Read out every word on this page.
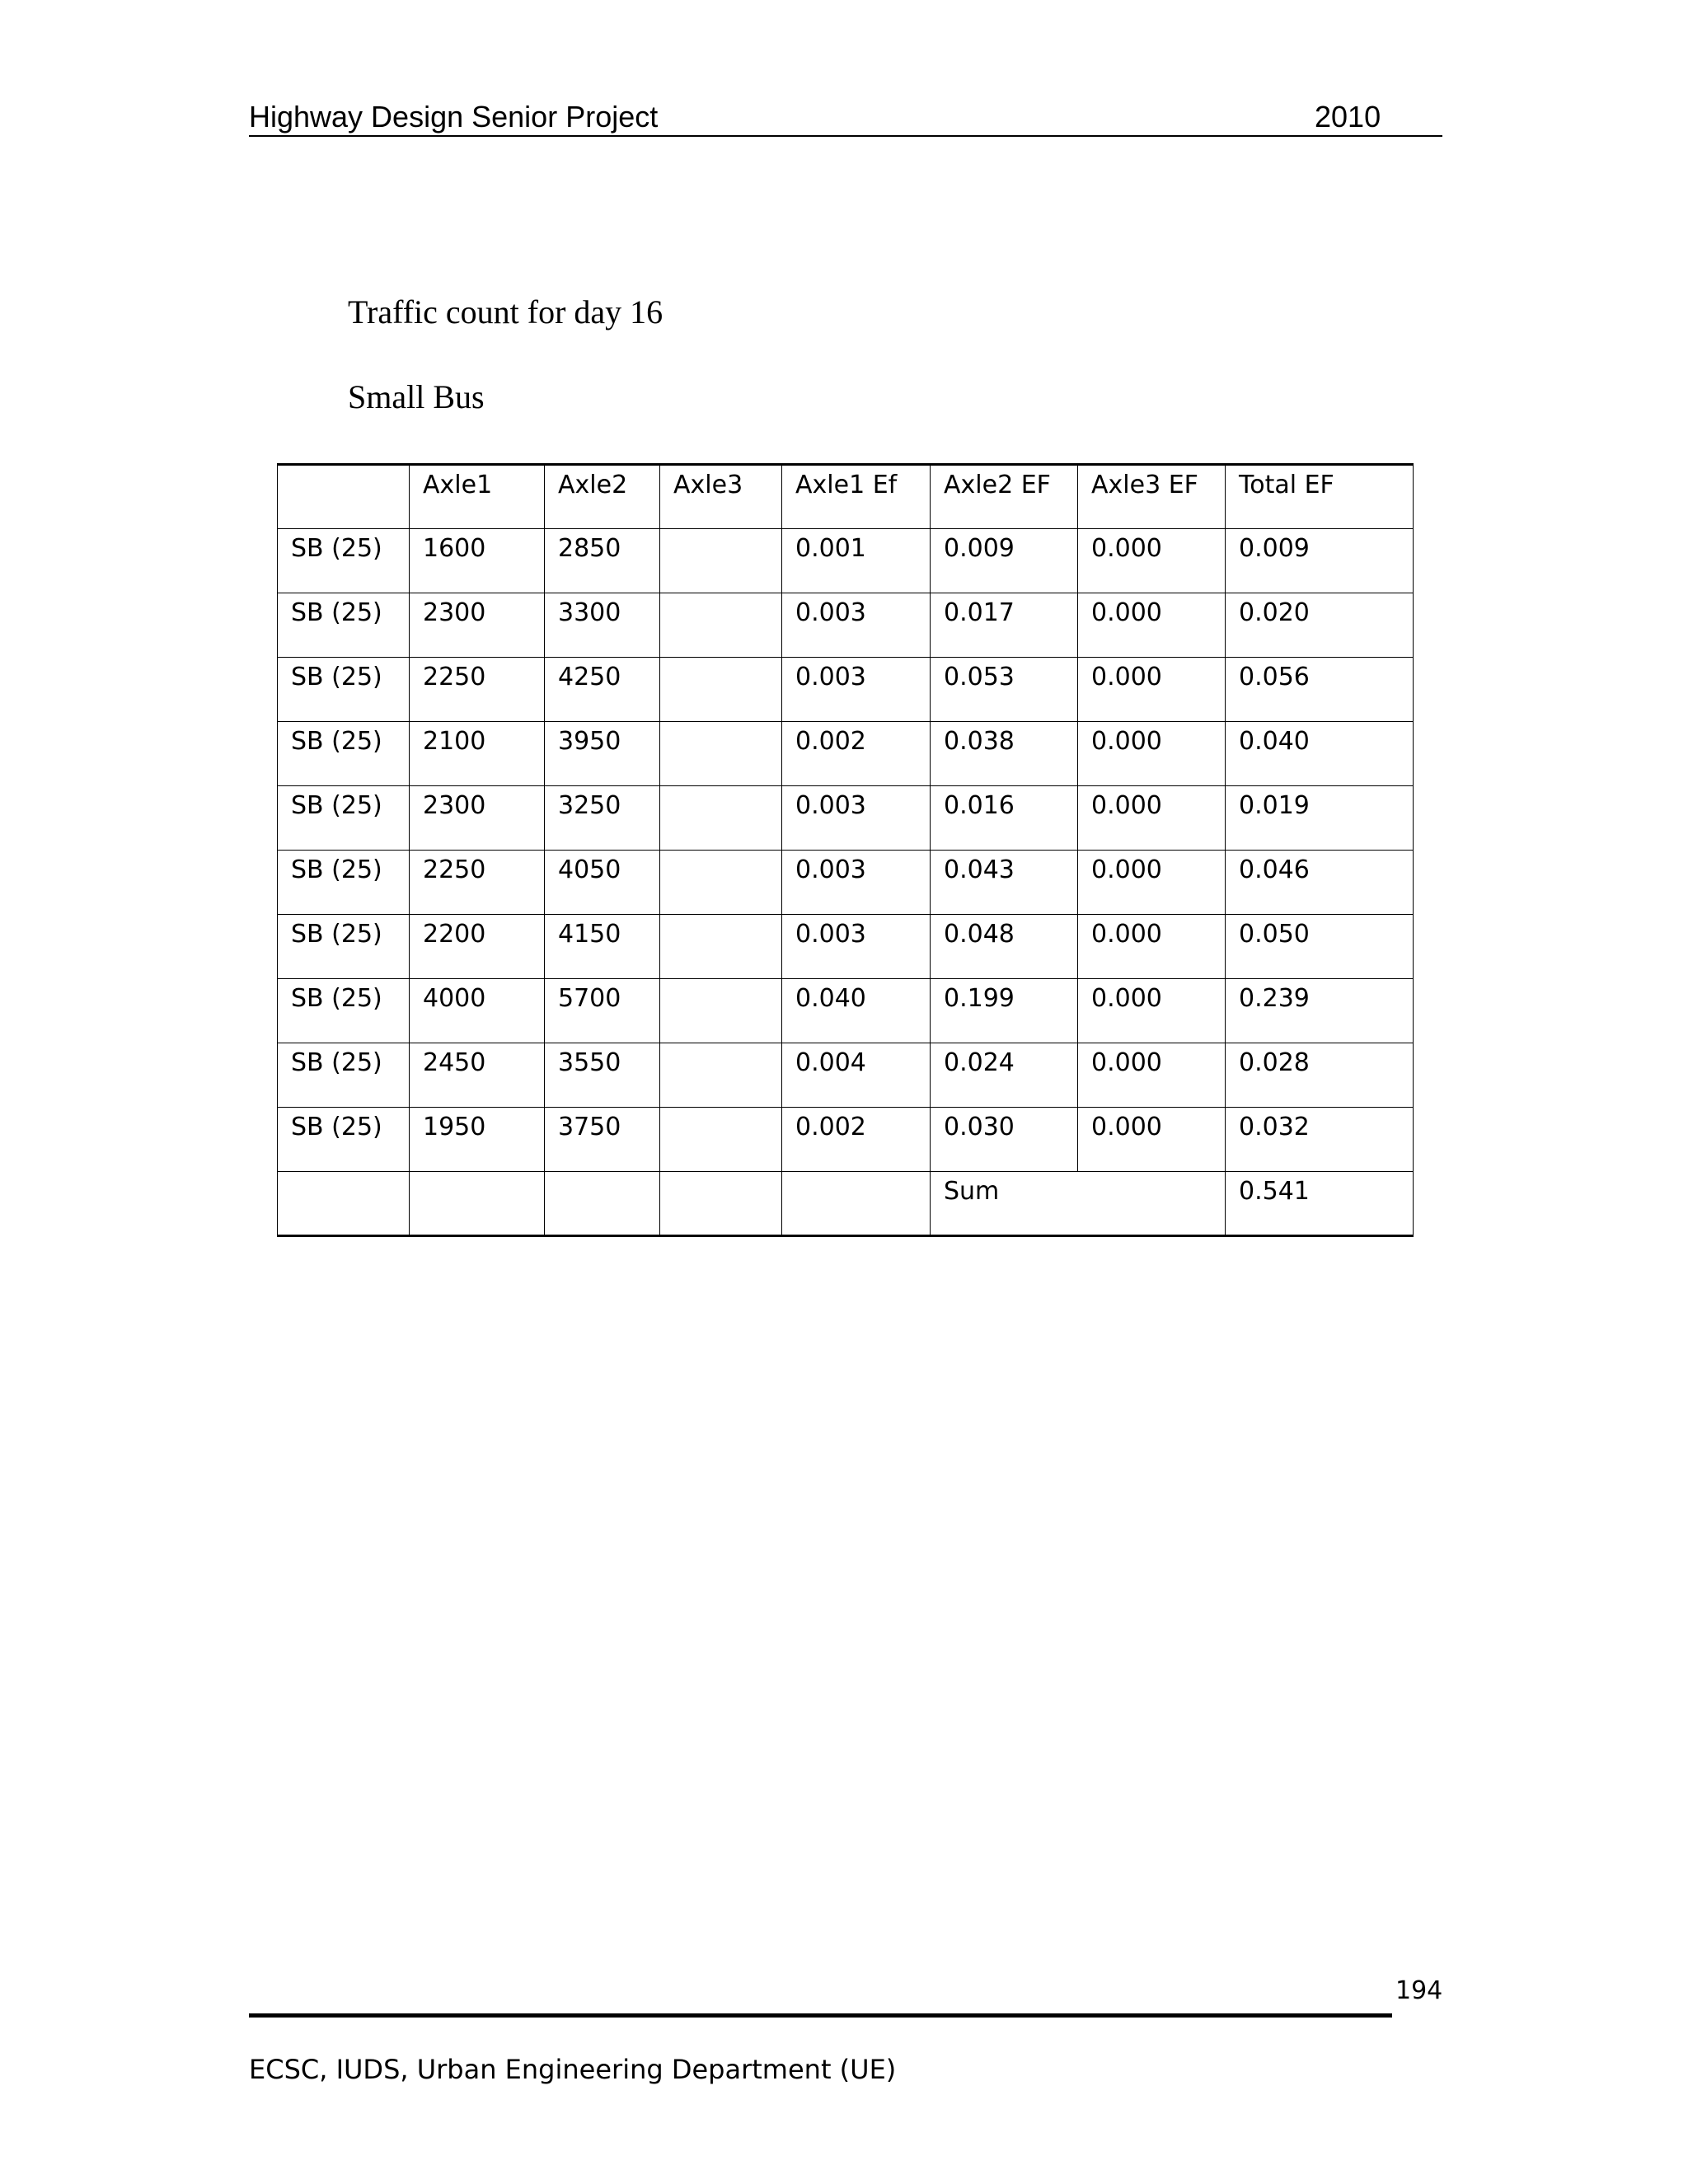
Highway Design Senior Project	2010
Traffic count for day 16
Small Bus
	Axle1	Axle2	Axle3	Axle1 Ef	Axle2 EF	Axle3 EF	Total EF
SB (25)	1600	2850		0.001	0.009	0.000	0.009
SB (25)	2300	3300		0.003	0.017	0.000	0.020
SB (25)	2250	4250		0.003	0.053	0.000	0.056
SB (25)	2100	3950		0.002	0.038	0.000	0.040
SB (25)	2300	3250		0.003	0.016	0.000	0.019
SB (25)	2250	4050		0.003	0.043	0.000	0.046
SB (25)	2200	4150		0.003	0.048	0.000	0.050
SB (25)	4000	5700		0.040	0.199	0.000	0.239
SB (25)	2450	3550		0.004	0.024	0.000	0.028
SB (25)	1950	3750		0.002	0.030	0.000	0.032
					Sum		0.541
194
ECSC, IUDS, Urban Engineering Department (UE)
